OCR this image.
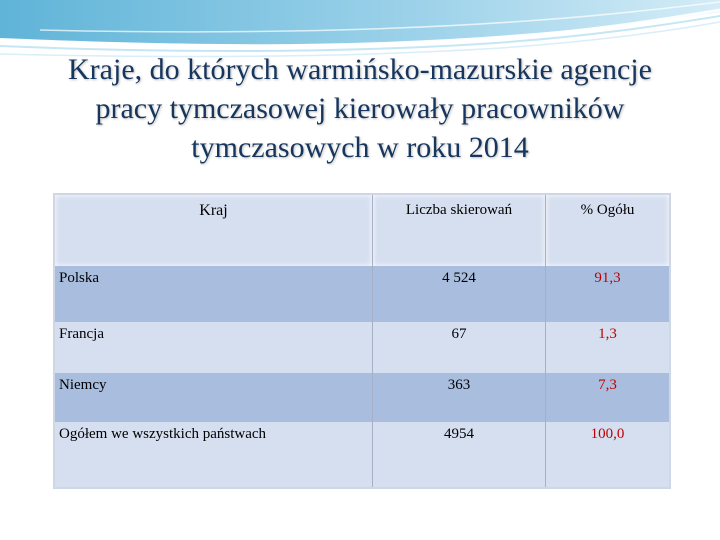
Kraje, do których warmińsko-mazurskie agencje
pracy tymczasowej kierowały pracowników
tymczasowych w roku 2014
Kraj	Liczba skierowań	% Ogółu
Polska	4 524	91,3
Francja	67	1,3
Niemcy	363	7,3
Ogółem we wszystkich państwach	4954	100,0
